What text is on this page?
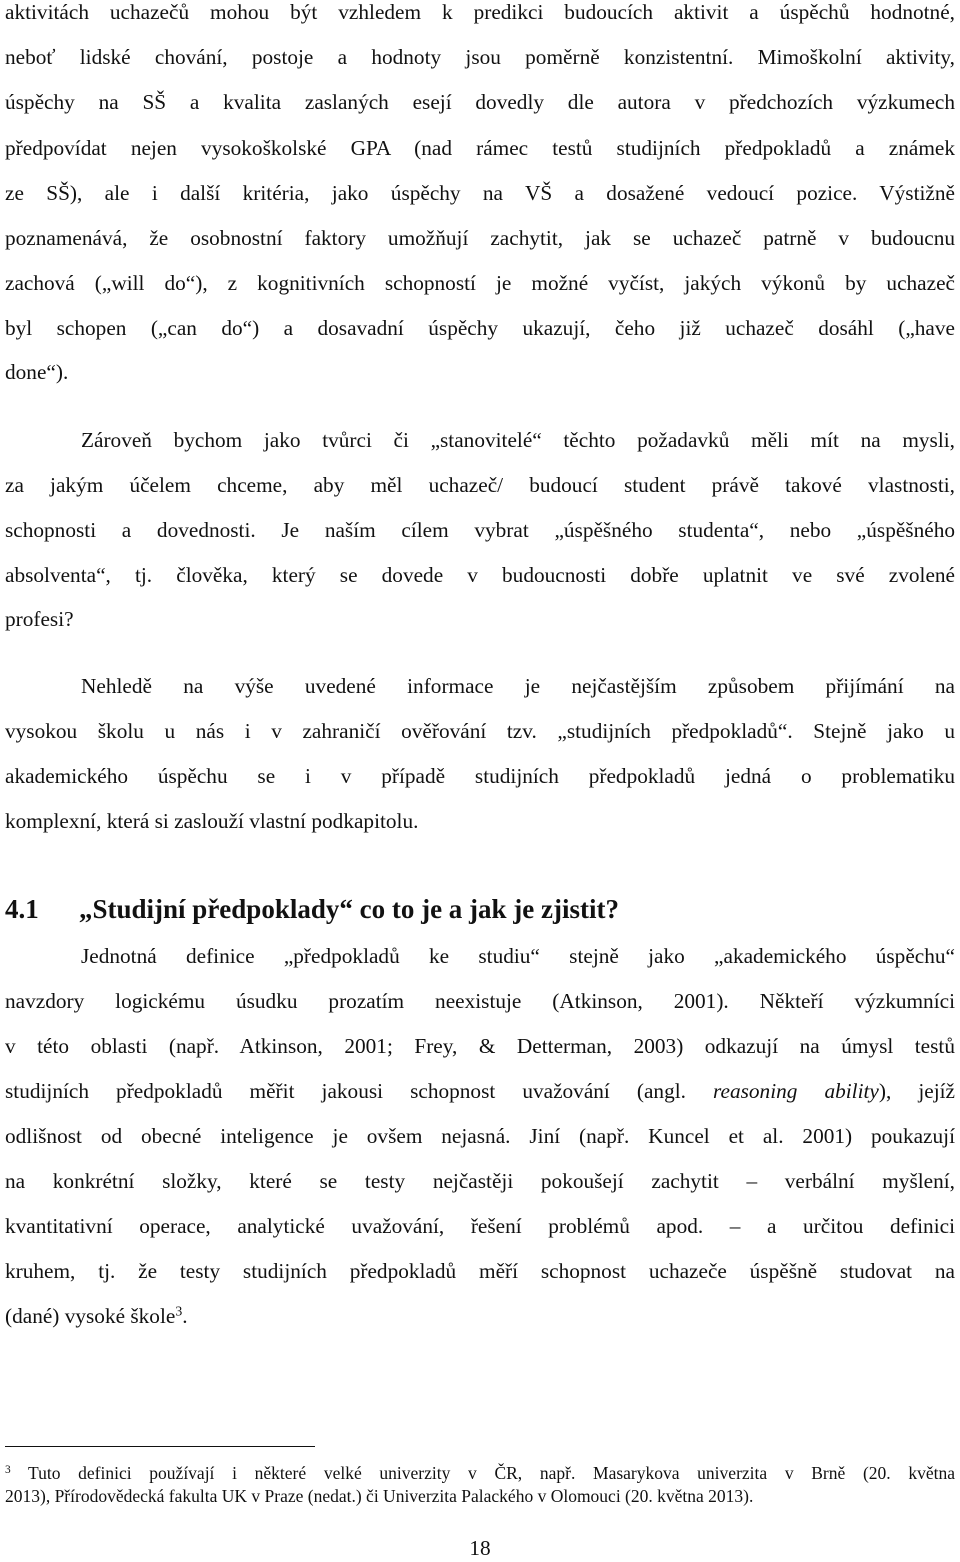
aktivitách uchazečů mohou být vzhledem k predikci budoucích aktivit a úspěchů hodnotné,
neboť lidské chování, postoje a hodnoty jsou poměrně konzistentní. Mimoškolní aktivity,
úspěchy na SŠ a kvalita zaslaných esejí dovedly dle autora v předchozích výzkumech
předpovídat nejen vysokoškolské GPA (nad rámec testů studijních předpokladů a známek
ze SŠ), ale i další kritéria, jako úspěchy na VŠ a dosažené vedoucí pozice. Výstižně
poznamenává, že osobnostní faktory umožňují zachytit, jak se uchazeč patrně v budoucnu
zachová („will do“), z kognitivních schopností je možné vyčíst, jakých výkonů by uchazeč
byl schopen („can do“) a dosavadní úspěchy ukazují, čeho již uchazeč dosáhl („have
done“).
Zároveň bychom jako tvůrci či „stanovitelé“ těchto požadavků měli mít na mysli,
za jakým účelem chceme, aby měl uchazeč/ budoucí student právě takové vlastnosti,
schopnosti a dovednosti. Je naším cílem vybrat „úspěšného studenta“, nebo „úspěšného
absolventa“, tj. člověka, který se dovede v budoucnosti dobře uplatnit ve své zvolené
profesi?
Nehledě na výše uvedené informace je nejčastějším způsobem přijímání na
vysokou školu u nás i v zahraničí ověřování tzv. „studijních předpokladů“. Stejně jako u
akademického úspěchu se i v případě studijních předpokladů jedná o problematiku
komplexní, která si zaslouží vlastní podkapitolu.
4.1 „Studijní předpoklady“ co to je a jak je zjistit?
Jednotná definice „předpokladů ke studiu“ stejně jako „akademického úspěchu“
navzdory logickému úsudku prozatím neexistuje (Atkinson, 2001). Někteří výzkumníci
v této oblasti (např. Atkinson, 2001; Frey, & Detterman, 2003) odkazují na úmysl testů
studijních předpokladů měřit jakousi schopnost uvažování (angl. reasoning ability), jejíž
odlišnost od obecné inteligence je ovšem nejasná. Jiní (např. Kuncel et al. 2001) poukazují
na konkrétní složky, které se testy nejčastěji pokoušejí zachytit – verbální myšlení,
kvantitativní operace, analytické uvažování, řešení problémů apod. – a určitou definici
kruhem, tj. že testy studijních předpokladů měří schopnost uchazeče úspěšně studovat na
(dané) vysoké škole$^3$.
$^3$ Tuto definici používají i některé velké univerzity v ČR, např. Masarykova univerzita v Brně (20. května
2013), Přírodovědecká fakulta UK v Praze (nedat.) či Univerzita Palackého v Olomouci (20. května 2013).
18
